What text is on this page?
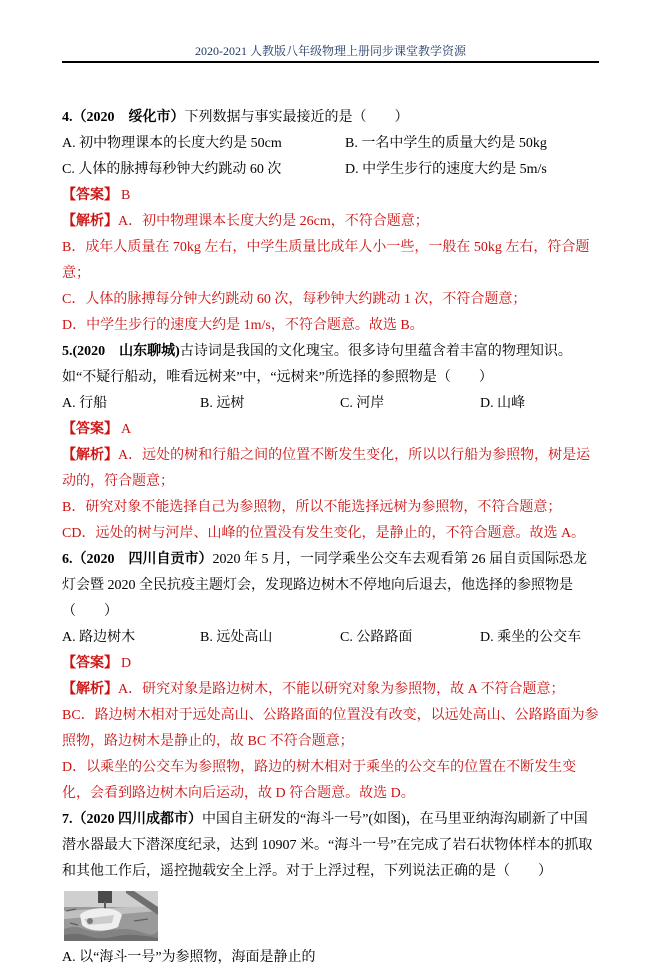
2020-2021 人教版八年级物理上册同步课堂教学资源

4.（2020　绥化市）下列数据与事实最接近的是（　　）

A. 初中物理课本的长度大约是 50cm	B. 一名中学生的质量大约是 50kg
C. 人体的脉搏每秒钟大约跳动 60 次	D. 中学生步行的速度大约是 5m/s

【答案】 B

【解析】A．初中物理课本长度大约是 26cm，不符合题意；

B．成年人质量在 70kg 左右，中学生质量比成年人小一些，一般在 50kg 左右，符合题意；

C．人体的脉搏每分钟大约跳动 60 次，每秒钟大约跳动 1 次，不符合题意；

D．中学生步行的速度大约是 1m/s，不符合题意。故选 B。

5.(2020　山东聊城)古诗词是我国的文化瑰宝。很多诗句里蕴含着丰富的物理知识。如“不疑行船动，唯看远树来”中，“远树来”所选择的参照物是（　　）

A. 行船	B. 远树	C. 河岸	D. 山峰

【答案】 A

【解析】A．远处的树和行船之间的位置不断发生变化，所以以行船为参照物，树是运动的，符合题意；

B．研究对象不能选择自己为参照物，所以不能选择远树为参照物，不符合题意；

CD．远处的树与河岸、山峰的位置没有发生变化，是静止的，不符合题意。故选 A。

6.（2020　四川自贡市）2020 年 5 月，一同学乘坐公交车去观看第 26 届自贡国际恐龙灯会暨 2020 全民抗疫主题灯会，发现路边树木不停地向后退去，他选择的参照物是（　　）

A. 路边树木	B. 远处高山	C. 公路路面	D. 乘坐的公交车

【答案】 D

【解析】A．研究对象是路边树木，不能以研究对象为参照物，故 A 不符合题意；

BC．路边树木相对于远处高山、公路路面的位置没有改变，以远处高山、公路路面为参照物，路边树木是静止的，故 BC 不符合题意；

D．以乘坐的公交车为参照物，路边的树木相对于乘坐的公交车的位置在不断发生变化，会看到路边树木向后运动，故 D 符合题意。故选 D。

7.（2020 四川成都市）中国自主研发的“海斗一号”(如图)，在马里亚纳海沟刷新了中国潜水器最大下潜深度纪录，达到 10907 米。“海斗一号”在完成了岩石状物体样本的抓取和其他工作后，遥控抛载安全上浮。对于上浮过程，下列说法正确的是（　　）

A. 以“海斗一号”为参照物，海面是静止的
